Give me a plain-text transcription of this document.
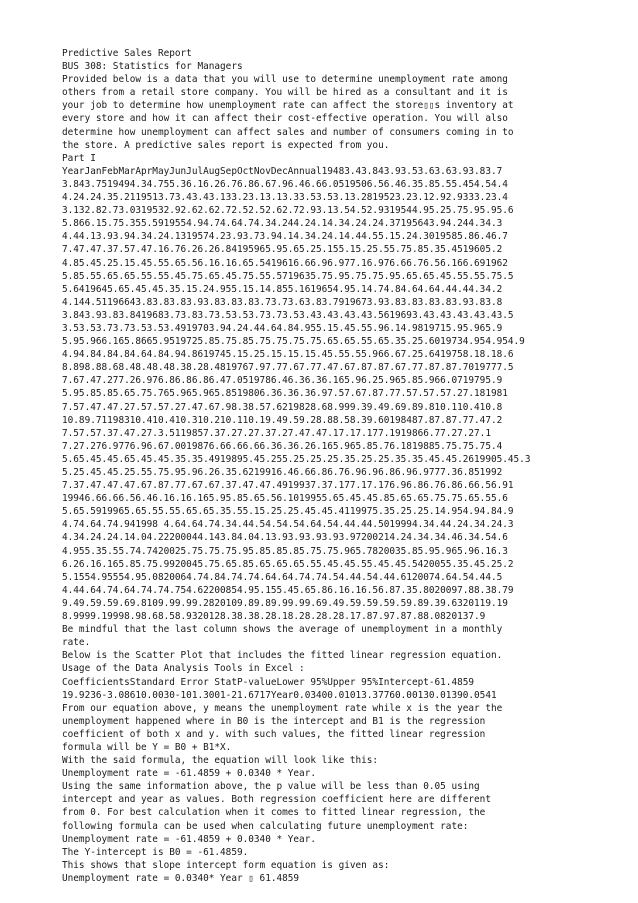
Predictive Sales Report
BUS 308: Statistics for Managers
Provided below is a data that you will use to determine unemployment rate among
others from a retail store company. You will be hired as a consultant and it is
your job to determine how unemployment rate can affect the store▯▯s inventory at
every store and how it can affect their cost-effective operation. You will also
determine how unemployment can affect sales and number of consumers coming in to
the store. A predictive sales report is expected from you.
Part I
YearJanFebMarAprMayJunJulAugSepOctNovDecAnnual19483.43.843.93.53.63.63.93.83.7
3.843.7519494.34.755.36.16.26.76.86.67.96.46.66.0519506.56.46.35.85.55.454.54.4
4.24.24.35.2119513.73.43.43.133.23.13.13.33.53.53.13.2819523.23.12.92.9333.23.4
3.132.82.73.0319532.92.62.62.72.52.52.62.72.93.13.54.52.9319544.95.25.75.95.95.6
5.866.15.75.355.5919554.94.74.64.74.34.244.24.14.34.24.24.37195643.94.244.34.3
4.44.13.93.94.34.24.1319574.23.93.73.94.14.34.24.14.44.55.15.24.3019585.86.46.7
7.47.47.37.57.47.16.76.26.26.84195965.95.65.25.155.15.25.55.75.85.35.4519605.2
4.85.45.25.15.45.55.65.56.16.16.65.5419616.66.96.977.16.976.66.76.56.166.691962
5.85.55.65.65.55.55.45.75.65.45.75.55.5719635.75.95.75.75.95.65.65.45.55.55.75.5
5.6419645.65.45.45.35.15.24.955.15.14.855.1619654.95.14.74.84.64.64.44.44.34.2
4.144.51196643.83.83.83.93.83.83.83.73.73.63.83.7919673.93.83.83.83.83.93.83.8
3.843.93.83.8419683.73.83.73.53.53.73.73.53.43.43.43.43.5619693.43.43.43.43.43.5
3.53.53.73.73.53.53.4919703.94.24.44.64.84.955.15.45.55.96.14.9819715.95.965.9
5.95.966.165.8665.9519725.85.75.85.75.75.75.75.65.65.55.65.35.25.6019734.954.954.9
4.94.84.84.84.64.84.94.8619745.15.25.15.15.15.45.55.55.966.67.25.6419758.18.18.6
8.898.88.68.48.48.48.38.28.4819767.97.77.67.77.47.67.87.87.67.77.87.87.7019777.5
7.67.47.277.26.976.86.86.86.47.0519786.46.36.36.165.96.25.965.85.966.0719795.9
5.95.85.85.65.75.765.965.965.8519806.36.36.36.97.57.67.87.77.57.57.57.27.181981
7.57.47.47.27.57.57.27.47.67.98.38.57.6219828.68.999.39.49.69.89.810.110.410.8
10.89.71198310.410.410.310.210.110.19.49.59.28.88.58.39.60198487.87.87.77.47.2
7.57.57.37.47.27.3.5119857.37.27.27.37.27.47.47.17.17.177.1919866.77.27.27.1
7.27.276.9776.96.67.0019876.66.66.66.36.36.26.165.965.85.76.1819885.75.75.75.4
5.65.45.45.65.45.45.35.35.4919895.45.255.25.25.25.35.25.25.35.35.45.45.2619905.45.3
5.25.45.45.25.55.75.95.96.26.35.6219916.46.66.86.76.96.96.86.96.9777.36.851992
7.37.47.47.47.67.87.77.67.67.37.47.47.4919937.37.177.17.176.96.86.76.86.66.56.91
19946.66.66.56.46.16.16.165.95.85.65.56.1019955.65.45.45.85.65.65.75.75.65.55.6
5.65.5919965.65.55.55.65.65.35.55.15.25.25.45.45.4119975.35.25.25.14.954.94.84.9
4.74.64.74.941998 4.64.64.74.34.44.54.54.54.64.54.44.44.5019994.34.44.24.34.24.3
4.34.24.24.14.04.22200044.143.84.04.13.93.93.93.93.97200214.24.34.34.46.34.54.6
4.955.35.55.74.7420025.75.75.75.95.85.85.85.75.75.965.7820035.85.95.965.96.16.3
6.26.16.165.85.75.9920045.75.65.85.65.65.65.55.45.45.55.45.45.5420055.35.45.25.2
5.1554.95554.95.0820064.74.84.74.74.64.64.74.74.54.44.54.44.6120074.64.54.44.5
4.44.64.74.64.74.74.754.62200854.95.155.45.65.86.16.16.56.87.35.8020097.88.38.79
9.49.59.59.69.8109.99.99.2820109.89.89.99.99.69.49.59.59.59.59.89.39.6320119.19
8.9999.19998.98.68.58.9320128.38.38.28.18.28.28.28.17.87.97.87.88.0820137.9
Be mindful that the last column shows the average of unemployment in a monthly
rate.
Below is the Scatter Plot that includes the fitted linear regression equation.
Usage of the Data Analysis Tools in Excel :
CoefficientsStandard Error StatP-valueLower 95%Upper 95%Intercept-61.4859
19.9236-3.08610.0030-101.3001-21.6717Year0.03400.01013.37760.00130.01390.0541
From our equation above, y means the unemployment rate while x is the year the
unemployment happened where in B0 is the intercept and B1 is the regression
coefficient of both x and y. with such values, the fitted linear regression
formula will be Y = B0 + B1*X.
With the said formula, the equation will look like this:
Unemployment rate = -61.4859 + 0.0340 * Year.
Using the same information above, the p value will be less than 0.05 using
intercept and year as values. Both regression coefficient here are different
from 0. For best calculation when it comes to fitted linear regression, the
following formula can be used when calculating future unemployment rate:
Unemployment rate = -61.4859 + 0.0340 * Year.
The Y-intercept is B0 = -61.4859.
This shows that slope intercept form equation is given as:
Unemployment rate = 0.0340* Year ▯ 61.4859
